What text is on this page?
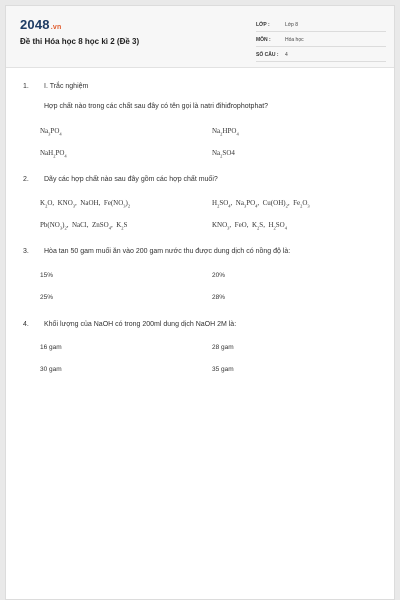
2048.vn
Đề thi Hóa học 8 học kì 2 (Đề 3)
LỚP :	Lớp 8
MÔN :	Hóa học
SỐ CÂU :	4
1. I. Trắc nghiệm
Hợp chất nào trong các chất sau đây có tên gọi là natri đihiđrophotphat?
$Na_3PO_4$	$Na_2HPO_4$
$NaH_2PO_4$	$Na_2SO4$
2. Dãy các hợp chất nào sau đây gồm các hợp chất muối?
$K_2O$,  $KNO_3$,  NaOH,  $Fe(NO_3)_2$	$H_2SO_4$,  $Na_3PO_4$,  $Cu(OH)_2$,  $Fe_2O_3$
$Pb(NO_3)_2$,  NaCl,  ZnSO$_4$,  $K_2S$	$KNO_3$,  FeO,  $K_2S$,  $H_2SO_4$
3. Hòa tan 50 gam muối ăn vào 200 gam nước thu được dung dịch có nồng độ là:
15%	20%
25%	28%
4. Khối lượng của NaOH có trong 200ml dung dịch NaOH 2M là:
16 gam	28 gam
30 gam	35 gam
